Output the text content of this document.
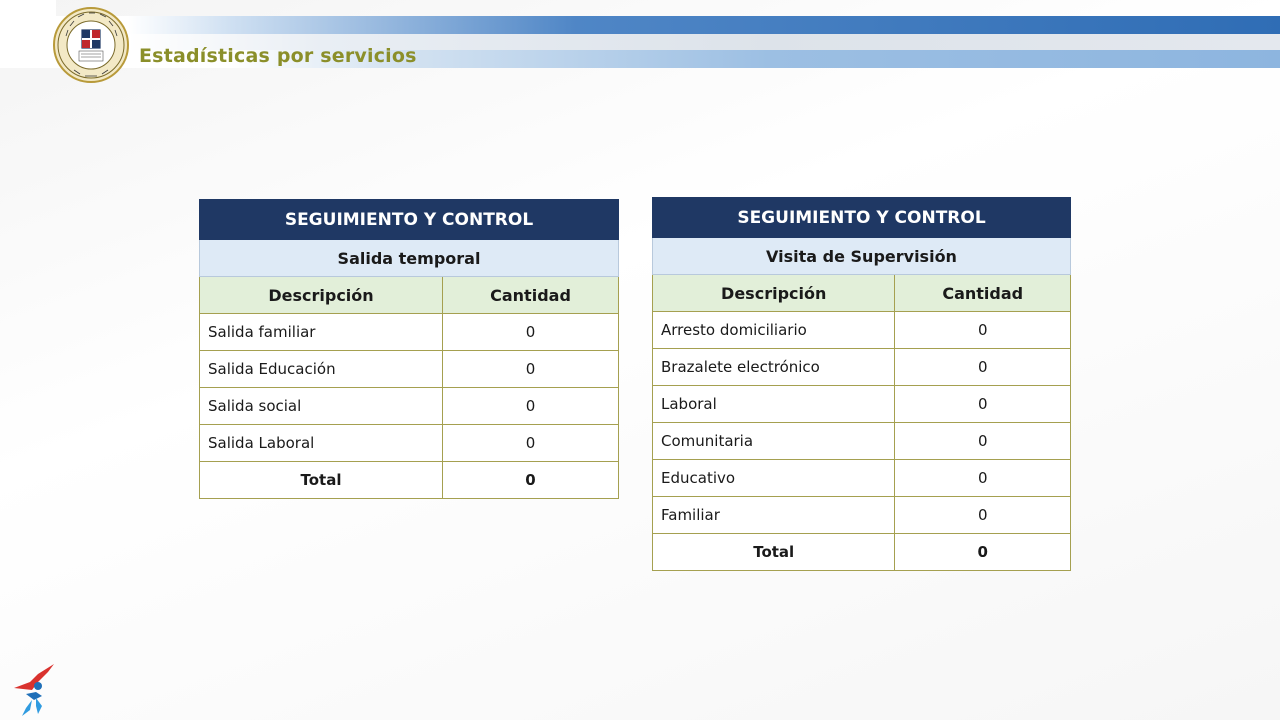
Estadísticas por servicios
SEGUIMIENTO Y CONTROL	
Salida temporal	
Descripción	Cantidad
Salida familiar	0
Salida Educación	0
Salida social	0
Salida Laboral	0
Total	0
SEGUIMIENTO Y CONTROL	
Visita de Supervisión	
Descripción	Cantidad
Arresto domiciliario	0
Brazalete electrónico	0
Laboral	0
Comunitaria	0
Educativo	0
Familiar	0
Total	0
